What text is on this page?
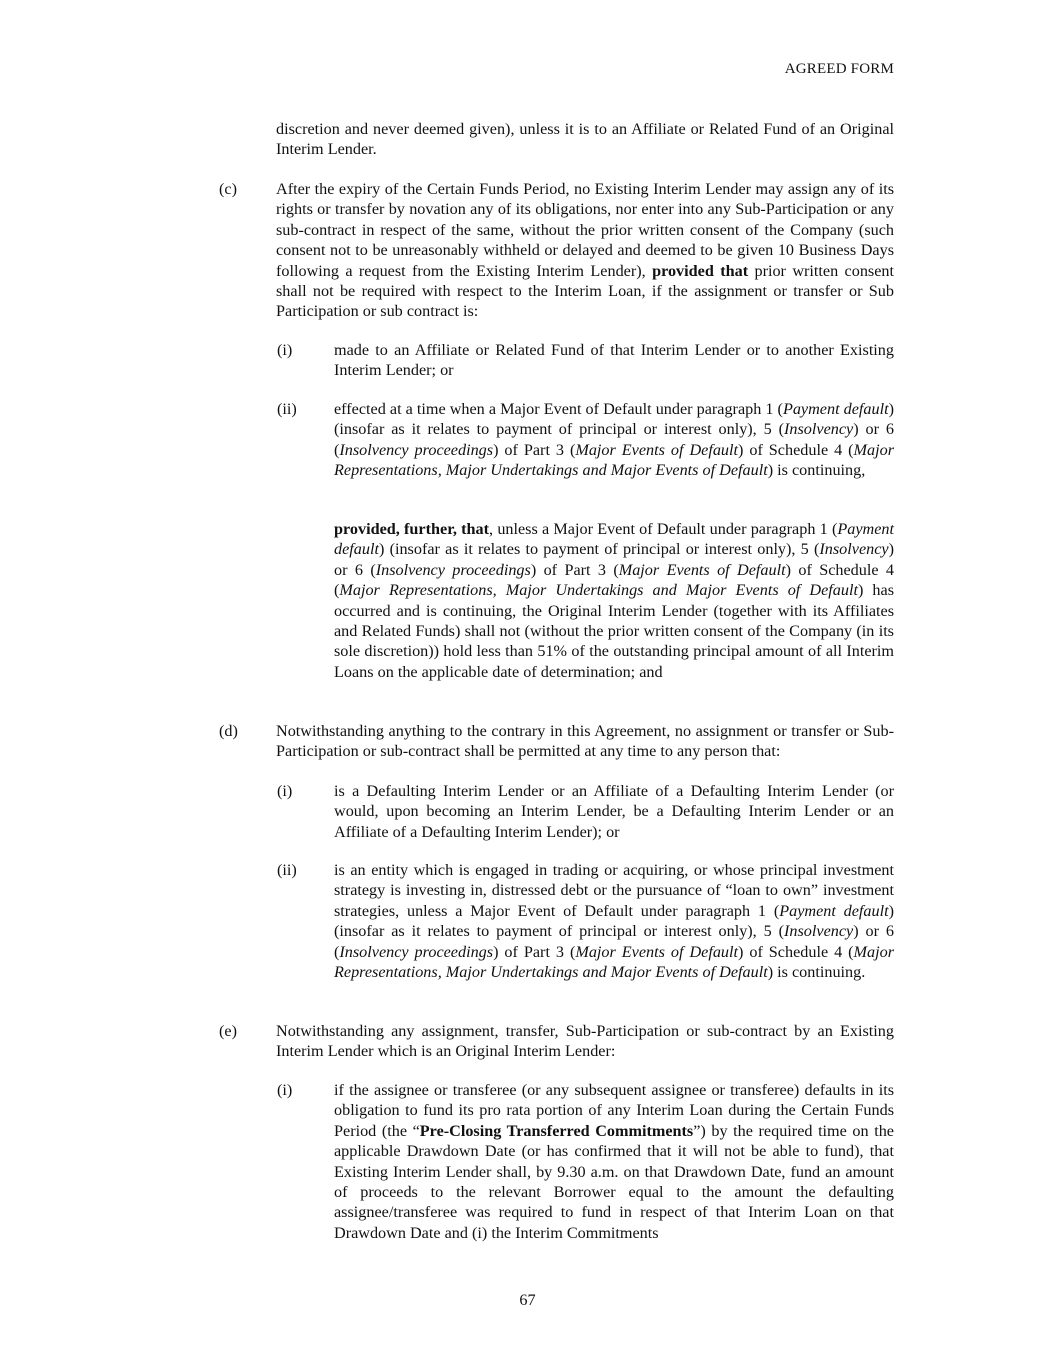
AGREED FORM

discretion and never deemed given), unless it is to an Affiliate or Related Fund of an Original Interim Lender.

(c) After the expiry of the Certain Funds Period, no Existing Interim Lender may assign any of its rights or transfer by novation any of its obligations, nor enter into any Sub-Participation or any sub-contract in respect of the same, without the prior written consent of the Company (such consent not to be unreasonably withheld or delayed and deemed to be given 10 Business Days following a request from the Existing Interim Lender), provided that prior written consent shall not be required with respect to the Interim Loan, if the assignment or transfer or Sub Participation or sub contract is:

(i)	made to an Affiliate or Related Fund of that Interim Lender or to another Existing Interim Lender; or

(ii) effected at a time when a Major Event of Default under paragraph 1 (Payment default) (insofar as it relates to payment of principal or interest only), 5 (Insolvency) or 6 (Insolvency proceedings) of Part 3 (Major Events of Default) of Schedule 4 (Major Representations, Major Undertakings and Major Events of Default) is continuing,

provided, further, that, unless a Major Event of Default under paragraph 1 (Payment default) (insofar as it relates to payment of principal or interest only), 5 (Insolvency) or 6 (Insolvency proceedings) of Part 3 (Major Events of Default) of Schedule 4 (Major Representations, Major Undertakings and Major Events of Default) has occurred and is continuing, the Original Interim Lender (together with its Affiliates and Related Funds) shall not (without the prior written consent of the Company (in its sole discretion)) hold less than 51% of the outstanding principal amount of all Interim Loans on the applicable date of determination; and

(d) Notwithstanding anything to the contrary in this Agreement, no assignment or transfer or Sub-Participation or sub-contract shall be permitted at any time to any person that:

(i)	is a Defaulting Interim Lender or an Affiliate of a Defaulting Interim Lender (or would, upon becoming an Interim Lender, be a Defaulting Interim Lender or an Affiliate of a Defaulting Interim Lender); or

(ii) is an entity which is engaged in trading or acquiring, or whose principal investment strategy is investing in, distressed debt or the pursuance of “loan to own” investment strategies, unless a Major Event of Default under paragraph 1 (Payment default) (insofar as it relates to payment of principal or interest only), 5 (Insolvency) or 6 (Insolvency proceedings) of Part 3 (Major Events of Default) of Schedule 4 (Major Representations, Major Undertakings and Major Events of Default) is continuing.

(e) Notwithstanding any assignment, transfer, Sub-Participation or sub-contract by an Existing Interim Lender which is an Original Interim Lender:

(i)	if the assignee or transferee (or any subsequent assignee or transferee) defaults in its obligation to fund its pro rata portion of any Interim Loan during the Certain Funds Period (the “Pre-Closing Transferred Commitments”) by the required time on the applicable Drawdown Date (or has confirmed that it will not be able to fund), that Existing Interim Lender shall, by 9.30 a.m. on that Drawdown Date, fund an amount of proceeds to the relevant Borrower equal to the amount the defaulting assignee/transferee was required to fund in respect of that Interim Loan on that Drawdown Date and (i) the Interim Commitments

67
